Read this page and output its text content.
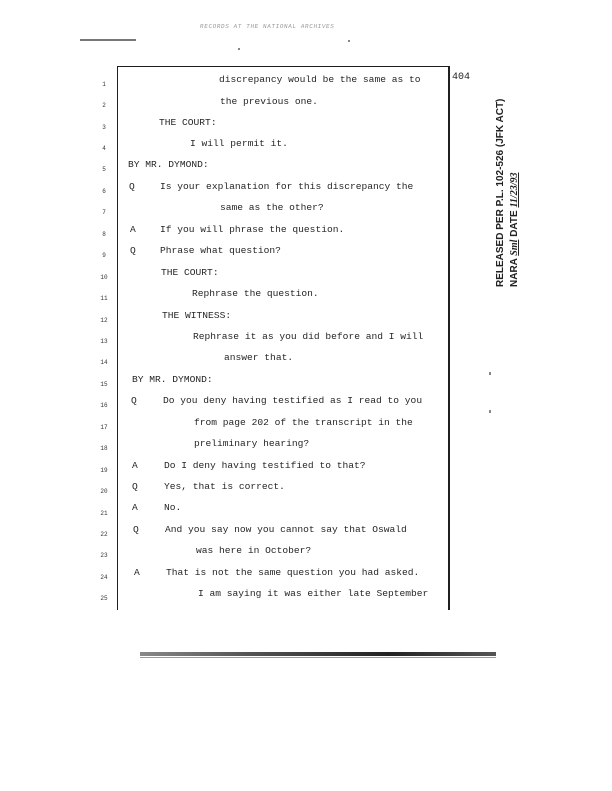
RECORDS AT THE NATIONAL ARCHIVES
404
1
2
3
4
5
6
7
8
9
10
11
12
13
14
15
16
17
18
19
20
21
22
23
24
25
Q
A
Q
Q
A
Q
A
Q
A
discrepancy would be the same as to
the previous one.
THE COURT:
I will permit it.
BY MR. DYMOND:
Is your explanation for this discrepancy the
same as the other?
If you will phrase the question.
Phrase what question?
THE COURT:
Rephrase the question.
THE WITNESS:
Rephrase it as you did before and I will
answer that.
BY MR. DYMOND:
Do you deny having testified as I read to you
from page 202 of the transcript in the
preliminary hearing?
Do I deny having testified to that?
Yes, that is correct.
No.
And you say now you cannot say that Oswald
was here in October?
That is not the same question you had asked.
I am saying it was either late September
RELEASED PER P.L. 102-526 (JFK ACT) NARA Sml DATE 11/23/93
